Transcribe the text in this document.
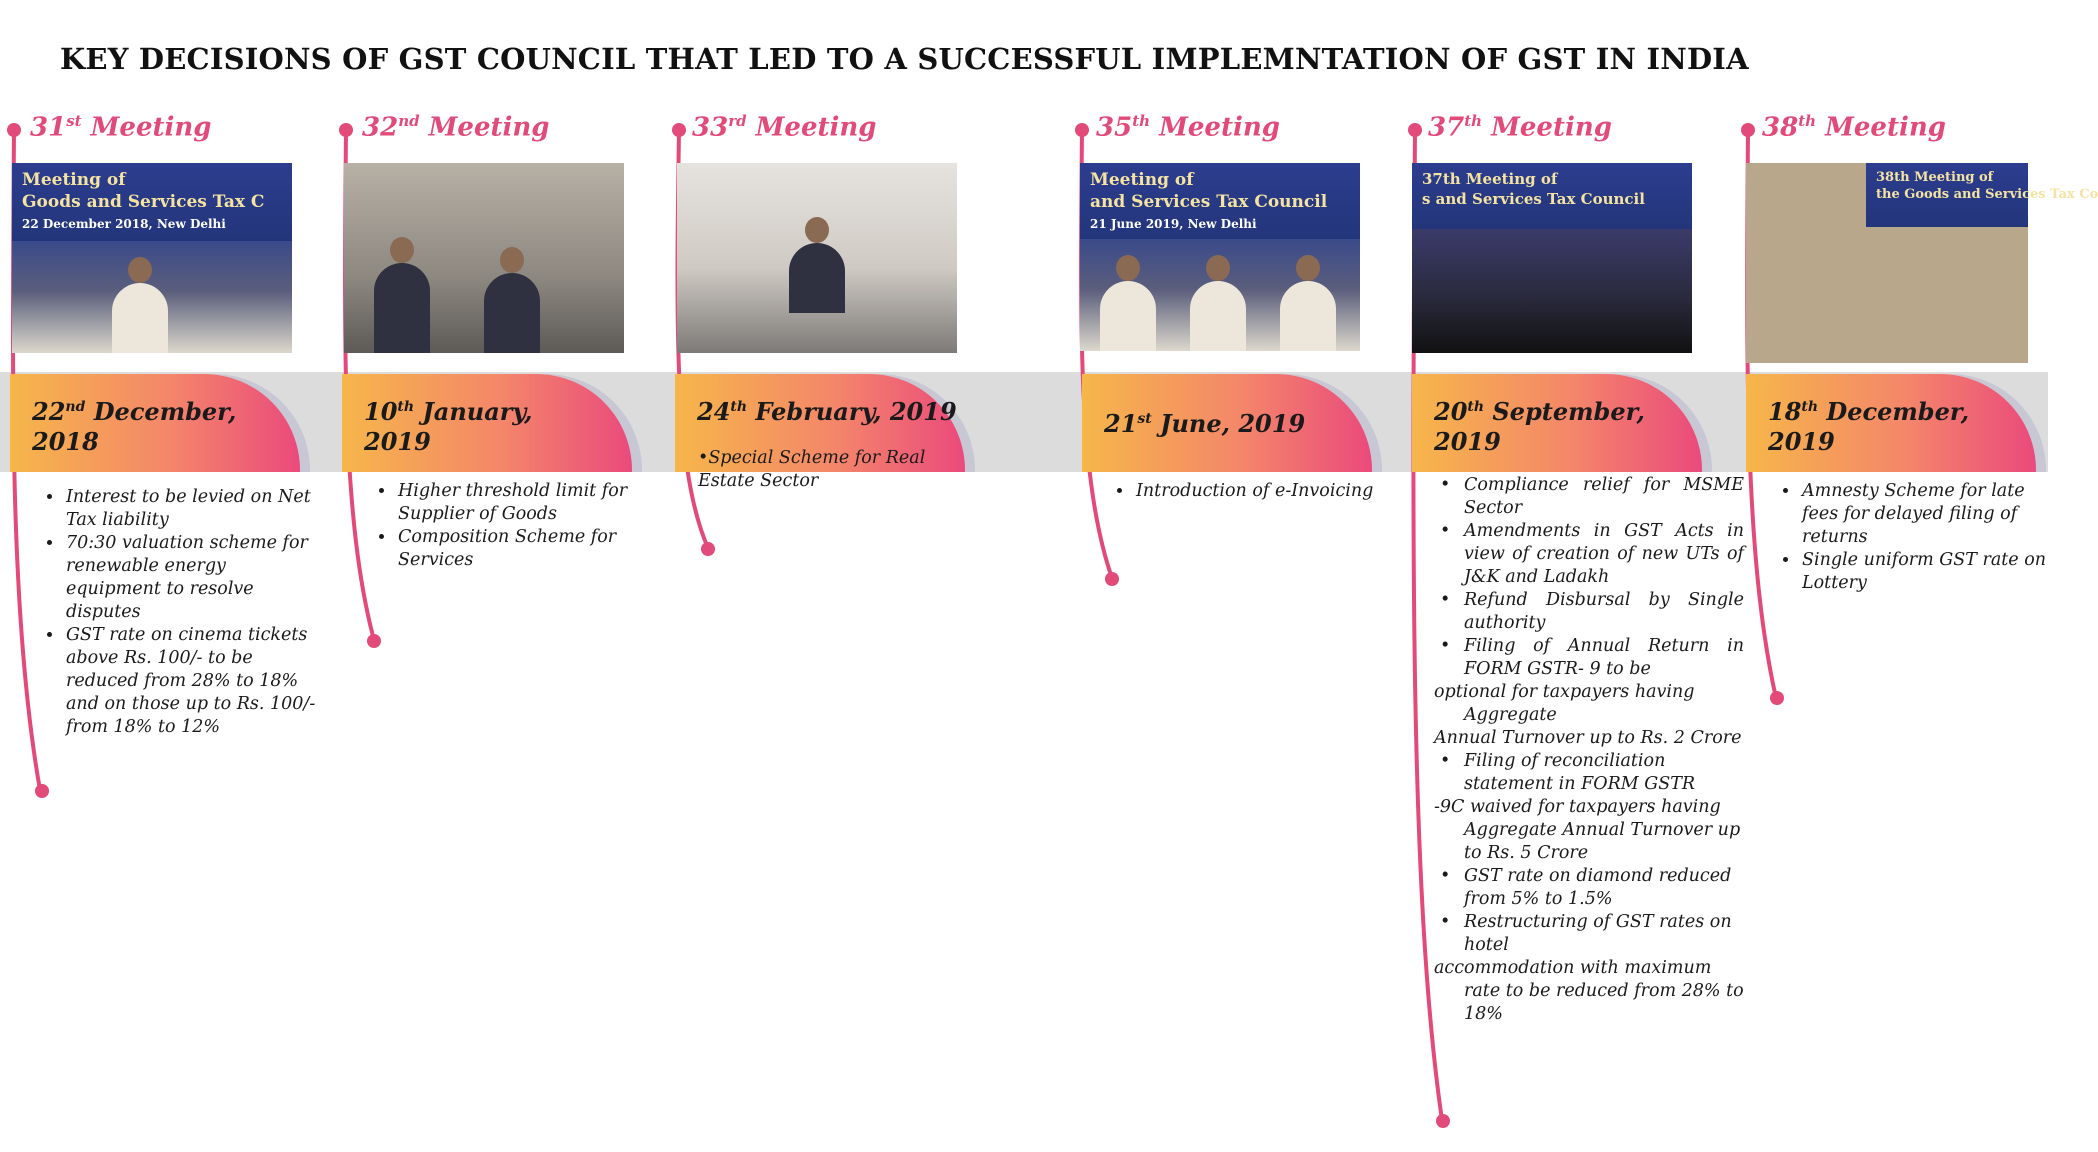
KEY DECISIONS OF GST COUNCIL THAT LED TO A SUCCESSFUL IMPLEMNTATION OF GST IN INDIA
31st Meeting
Meeting of
Goods and Services Tax C
22 December 2018, New Delhi
22nd December,
2018
• Interest to be levied on Net Tax liability
• 70:30 valuation scheme for renewable energy equipment to resolve disputes
• GST rate on cinema tickets above Rs. 100/- to be reduced from 28% to 18% and on those up to Rs. 100/- from 18% to 12%
32nd Meeting
10th January,
2019
• Higher threshold limit for Supplier of Goods
• Composition Scheme for Services
33rd Meeting
24th February, 2019
•Special Scheme for Real Estate Sector
35th Meeting
Meeting of
and Services Tax Council
21 June 2019, New Delhi
21st June, 2019
• Introduction of e-Invoicing
37th Meeting
37th Meeting of
s and Services Tax Council
20th September,
2019
• Compliance relief for MSME Sector
• Amendments in GST Acts in view of creation of new UTs of J&K and Ladakh
• Refund Disbursal by Single authority
• Filing of Annual Return in FORM GSTR- 9 to be
optional for taxpayers having
Aggregate
Annual Turnover up to Rs. 2 Crore
• Filing of reconciliation statement in FORM GSTR
-9C waived for taxpayers having
Aggregate Annual Turnover up to Rs. 5 Crore
• GST rate on diamond reduced from 5% to 1.5%
• Restructuring of GST rates on hotel
accommodation with maximum
rate to be reduced from 28% to 18%
38th Meeting
38th Meeting of
the Goods and Services Tax Co
18th December,
2019
• Amnesty Scheme for late fees for delayed filing of returns
• Single uniform GST rate on Lottery
